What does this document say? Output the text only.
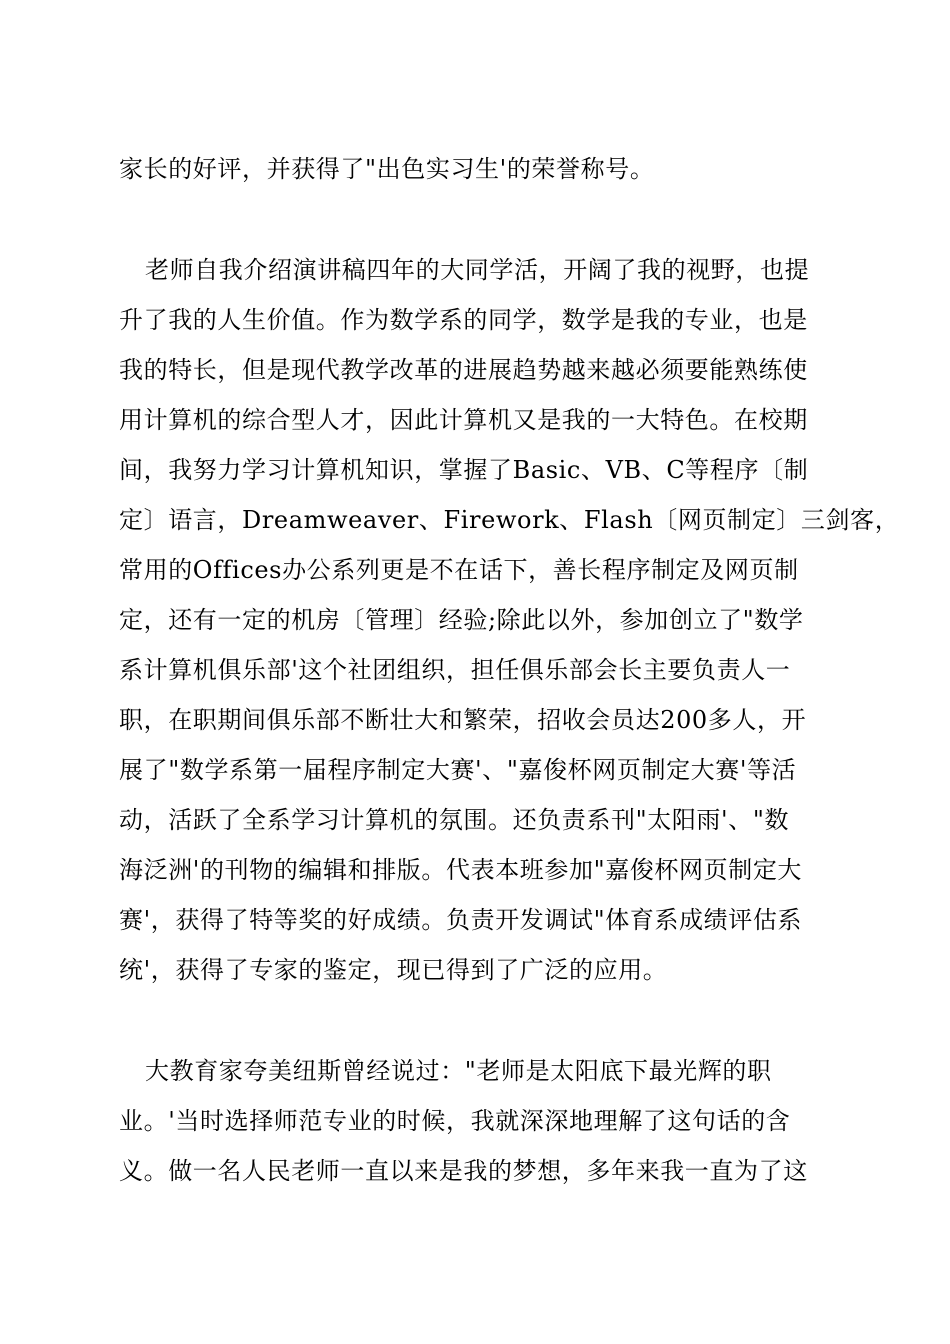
家长的好评，并获得了"出色实习生'的荣誉称号。
老师自我介绍演讲稿四年的大同学活，开阔了我的视野，也提
升了我的人生价值。作为数学系的同学，数学是我的专业，也是
我的特长，但是现代教学改革的进展趋势越来越必须要能熟练使
用计算机的综合型人才，因此计算机又是我的一大特色。在校期
间，我努力学习计算机知识，掌握了Basic、VB、C等程序〔制
定〕语言，Dreamweaver、Firework、Flash〔网页制定〕三剑客，
常用的Offices办公系列更是不在话下，善长程序制定及网页制
定，还有一定的机房〔管理〕经验;除此以外，参加创立了"数学
系计算机俱乐部'这个社团组织，担任俱乐部会长主要负责人一
职，在职期间俱乐部不断壮大和繁荣，招收会员达200多人，开
展了"数学系第一届程序制定大赛'、"嘉俊杯网页制定大赛'等活
动，活跃了全系学习计算机的氛围。还负责系刊"太阳雨'、"数
海泛洲'的刊物的编辑和排版。代表本班参加"嘉俊杯网页制定大
赛'，获得了特等奖的好成绩。负责开发调试"体育系成绩评估系
统'，获得了专家的鉴定，现已得到了广泛的应用。
大教育家夸美纽斯曾经说过："老师是太阳底下最光辉的职
业。'当时选择师范专业的时候，我就深深地理解了这句话的含
义。做一名人民老师一直以来是我的梦想，多年来我一直为了这
